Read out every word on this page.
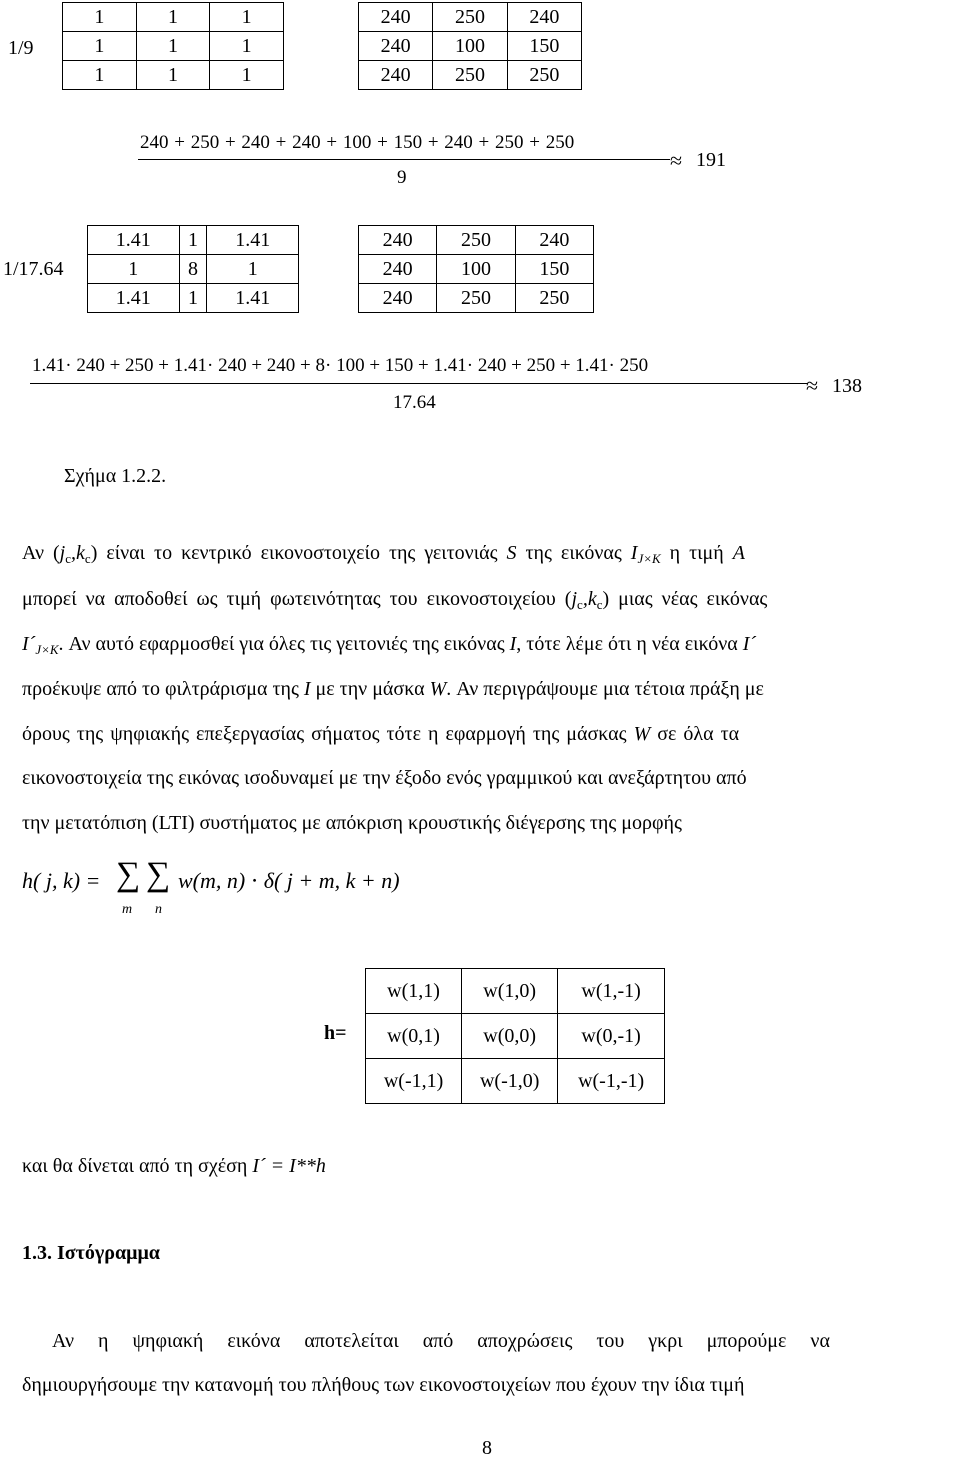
1/9
1	1	1
1	1	1
1	1	1
240	250	240
240	100	150
240	250	250
240 + 250 + 240 + 240 + 100 + 150 + 240 + 250 + 250
9
≈ 191
1/17.64
1.41	1	1.41
1	8	1
1.41	1	1.41
240	250	240
240	100	150
240	250	250
1.41· 240 + 250 + 1.41· 240 + 240 + 8· 100 + 150 + 1.41· 240 + 250 + 1.41· 250
17.64
≈ 138
Σχήμα 1.2.2.
Αν $(j_c,k_c)$ είναι το κεντρικό εικονοστοιχείο της γειτονιάς S της εικόνας $I_{J\times K}$ η τιμή A
μπορεί να αποδοθεί ως τιμή φωτεινότητας του εικονοστοιχείου $(j_c,k_c)$ μιας νέας εικόνας
$I´_{J\times K}$. Αν αυτό εφαρμοσθεί για όλες τις γειτονιές της εικόνας I, τότε λέμε ότι η νέα εικόνα I´
προέκυψε από το φιλτράρισμα της I με την μάσκα W. Αν περιγράψουμε μια τέτοια πράξη με
όρους της ψηφιακής επεξεργασίας σήματος τότε η εφαρμογή της μάσκας W σε όλα τα
εικονοστοιχεία της εικόνας ισοδυναμεί με την έξοδο ενός γραμμικού και ανεξάρτητου από
την μετατόπιση (LTI) συστήματος με απόκριση κρουστικής διέγερσης της μορφής
h( j, k) = ∑ ∑
m n
w(m, n) ⋅ δ( j + m, k + n)
h=
w(1,1)	w(1,0)	w(1,-1)
w(0,1)	w(0,0)	w(0,-1)
w(-1,1)	w(-1,0)	w(-1,-1)
και θα δίνεται από τη σχέση I´ = I**h
1.3. Ιστόγραμμα
Αν η ψηφιακή εικόνα αποτελείται από αποχρώσεις του γκρι μπορούμε να
δημιουργήσουμε την κατανομή του πλήθους των εικονοστοιχείων που έχουν την ίδια τιμή
8
